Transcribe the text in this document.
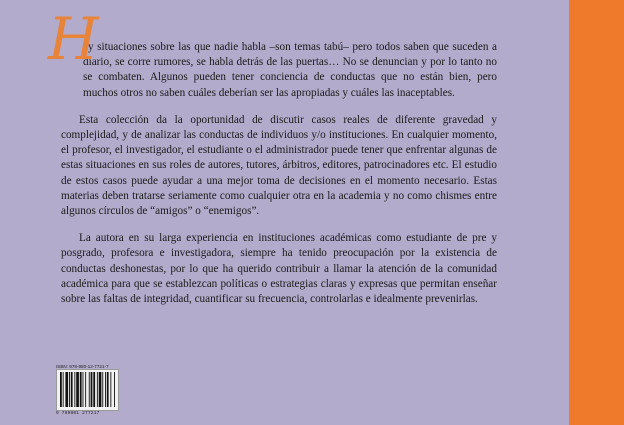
H
ay situaciones sobre las que nadie habla –son temas tabú– pero todos saben que suceden a diario, se corre rumores, se habla detrás de las puertas… No se denuncian y por lo tanto no se combaten. Algunos pueden tener conciencia de conductas que no están bien, pero muchos otros no saben cuáles deberían ser las apropiadas y cuáles las inaceptables.

Esta colección da la oportunidad de discutir casos reales de diferente gravedad y complejidad, y de analizar las conductas de individuos y/o instituciones. En cualquier momento, el profesor, el investigador, el estudiante o el administrador puede tener que enfrentar algunas de estas situaciones en sus roles de autores, tutores, árbitros, editores, patrocinadores etc. El estudio de estos casos puede ayudar a una mejor toma de decisiones en el momento necesario. Estas materias deben tratarse seriamente como cualquier otra en la academia y no como chismes entre algunos círculos de “amigos” o “enemigos”.

La autora en su larga experiencia en instituciones académicas como estudiante de pre y posgrado, profesora e investigadora, siempre ha tenido preocupación por la existencia de conductas deshonestas, por lo que ha querido contribuir a llamar la atención de la comunidad académica para que se establezcan políticas o estrategias claras y expresas que permitan enseñar sobre las faltas de integridad, cuantificar su frecuencia, controlarlas e idealmente prevenirlas.

ISBN: 978-980-12-7721-7
9 789801 277217
